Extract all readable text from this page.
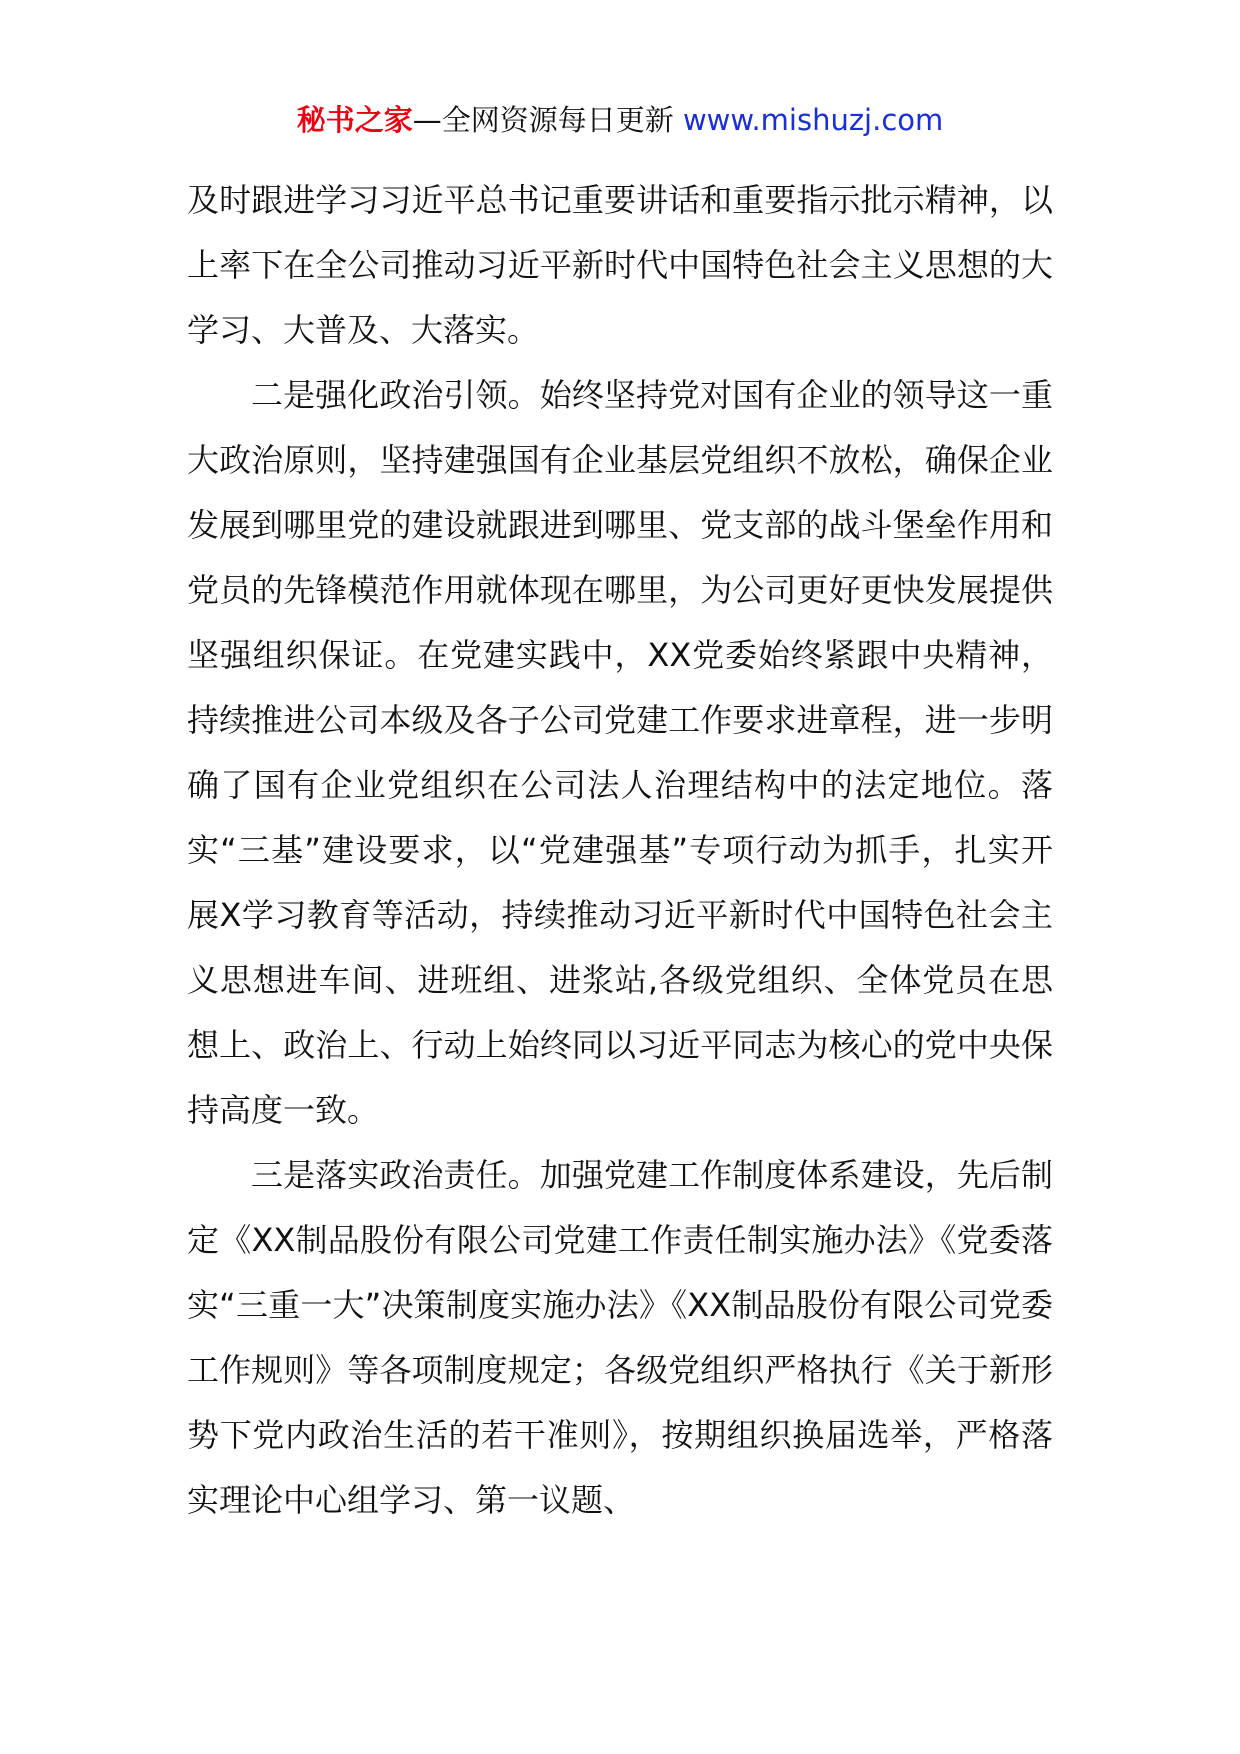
秘书之家—全网资源每日更新 www.mishuzj.com

及时跟进学习习近平总书记重要讲话和重要指示批示精神，以上率下在全公司推动习近平新时代中国特色社会主义思想的大学习、大普及、大落实。

二是强化政治引领。始终坚持党对国有企业的领导这一重大政治原则，坚持建强国有企业基层党组织不放松，确保企业发展到哪里党的建设就跟进到哪里、党支部的战斗堡垒作用和党员的先锋模范作用就体现在哪里，为公司更好更快发展提供坚强组织保证。在党建实践中，XX党委始终紧跟中央精神，持续推进公司本级及各子公司党建工作要求进章程，进一步明确了国有企业党组织在公司法人治理结构中的法定地位。落实“三基”建设要求，以“党建强基”专项行动为抓手，扎实开展X学习教育等活动，持续推动习近平新时代中国特色社会主义思想进车间、进班组、进浆站,各级党组织、全体党员在思想上、政治上、行动上始终同以习近平同志为核心的党中央保持高度一致。

三是落实政治责任。加强党建工作制度体系建设，先后制定《XX制品股份有限公司党建工作责任制实施办法》《党委落实“三重一大”决策制度实施办法》《XX制品股份有限公司党委工作规则》等各项制度规定；各级党组织严格执行《关于新形势下党内政治生活的若干准则》，按期组织换届选举，严格落实理论中心组学习、第一议题、
